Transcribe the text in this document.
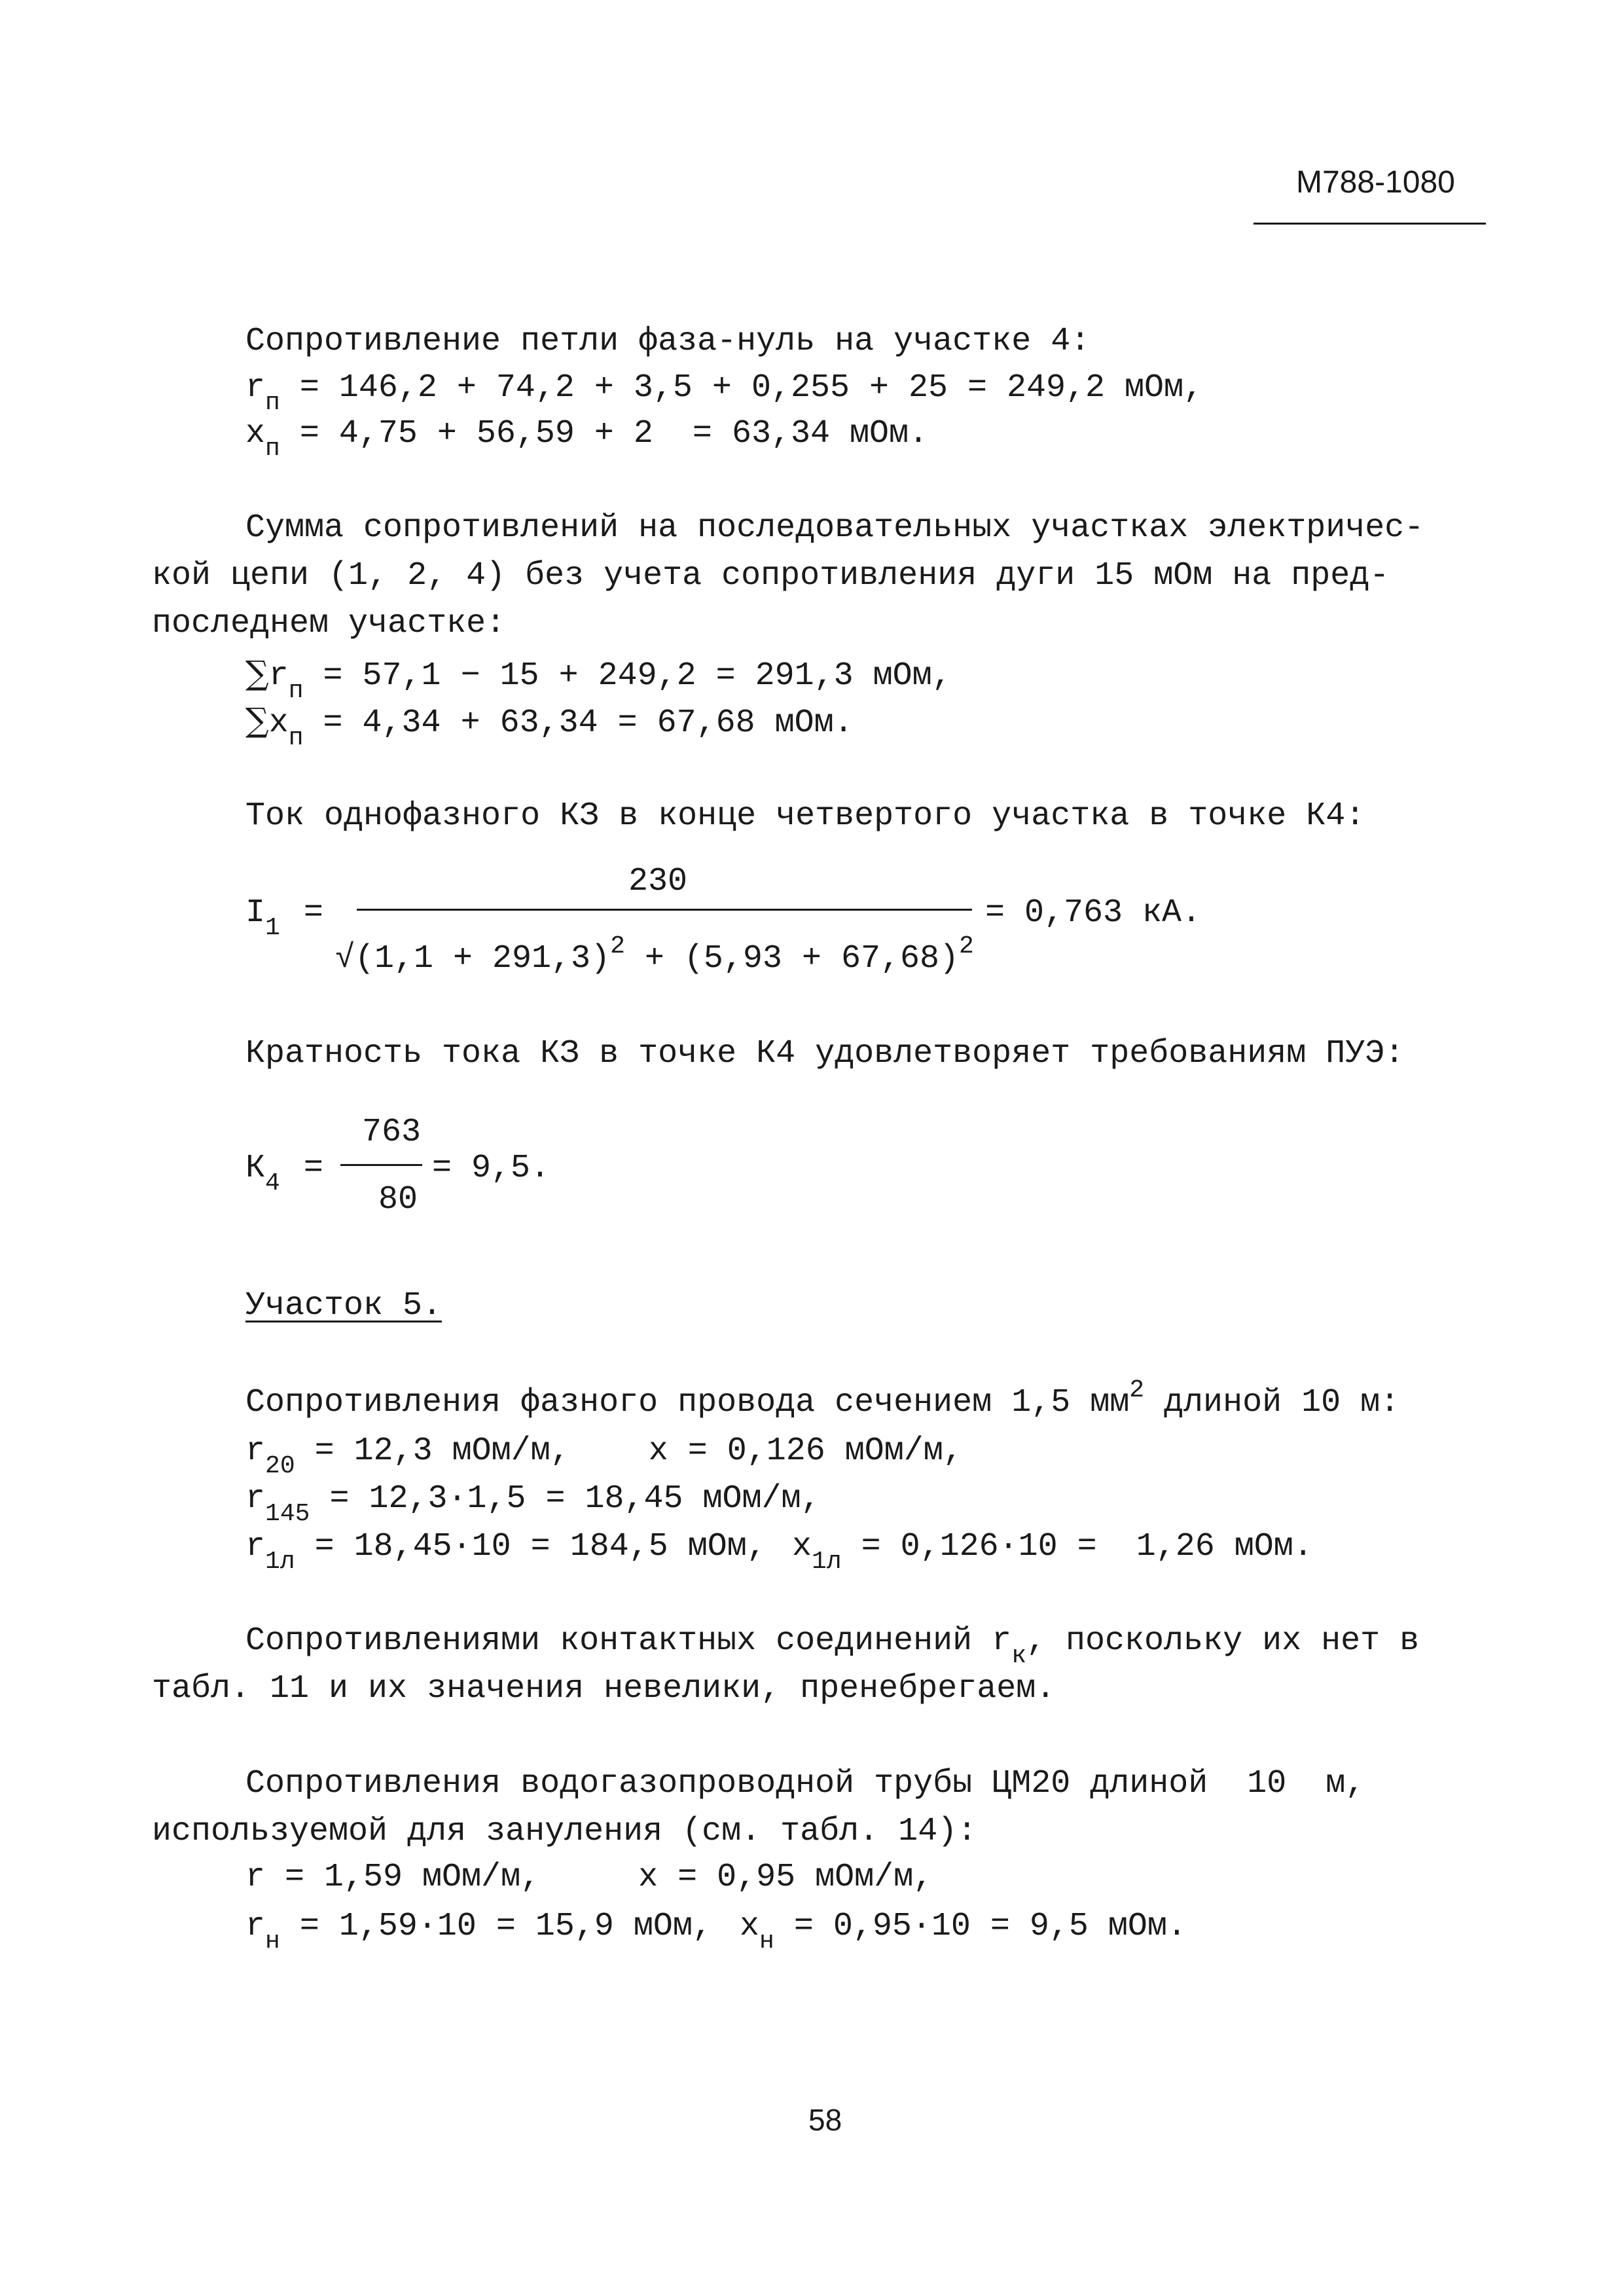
М788-1080
Сопротивление петли фаза-нуль на участке 4:
$r_п = 146,2 + 74,2 + 3,5 + 0,255 + 25 = 249,2$ мОм,
$x_п = 4,75 + 56,59 + 2 = 63,34$ мОм.
Сумма сопротивлений на последовательных участках электричес-
кой цепи (1, 2, 4) без учета сопротивления дуги 15 мОм на пред-
последнем участке:
$\sum r_п = 57,1 - 15 + 249,2 = 291,3$ мОм,
$\sum x_п = 4,34 + 63,34 = 67,68$ мОм.
Ток однофазного КЗ в конце четвертого участка в точке К4:
230
$I_1$ =	= 0,763 кА.
$√(1,1 + 291,3)^2 + (5,93 + 67,68)^2$
Кратность тока КЗ в точке К4 удовлетворяет требованиям ПУЭ:
763
$К_4$ =	= 9,5.
80
Участок 5.
Сопротивления фазного провода сечением 1,5 $мм^2$ длиной 10 м:
$r_{20} = 12,3$ мОм/м,    x = 0,126 мОм/м,
$r_{145} = 12,3\cdot 1,5 = 18,45$ мОм/м,
$r_{1л} = 18,45\cdot 10 = 184,5$ мОм, $x_{1л} = 0,126\cdot 10 = 1,26$ мОм.
Сопротивлениями контактных соединений $r_к$, поскольку их нет в
табл. 11 и их значения невелики, пренебрегаем.
Сопротивления водогазопроводной трубы ЦМ20 длиной  10  м,
используемой для зануления (см. табл. 14):
r = 1,59 мОм/м,     x = 0,95 мОм/м,
$r_н = 1,59\cdot 10 = 15,9$ мОм, $x_н = 0,95\cdot 10 = 9,5$ мОм.
58
